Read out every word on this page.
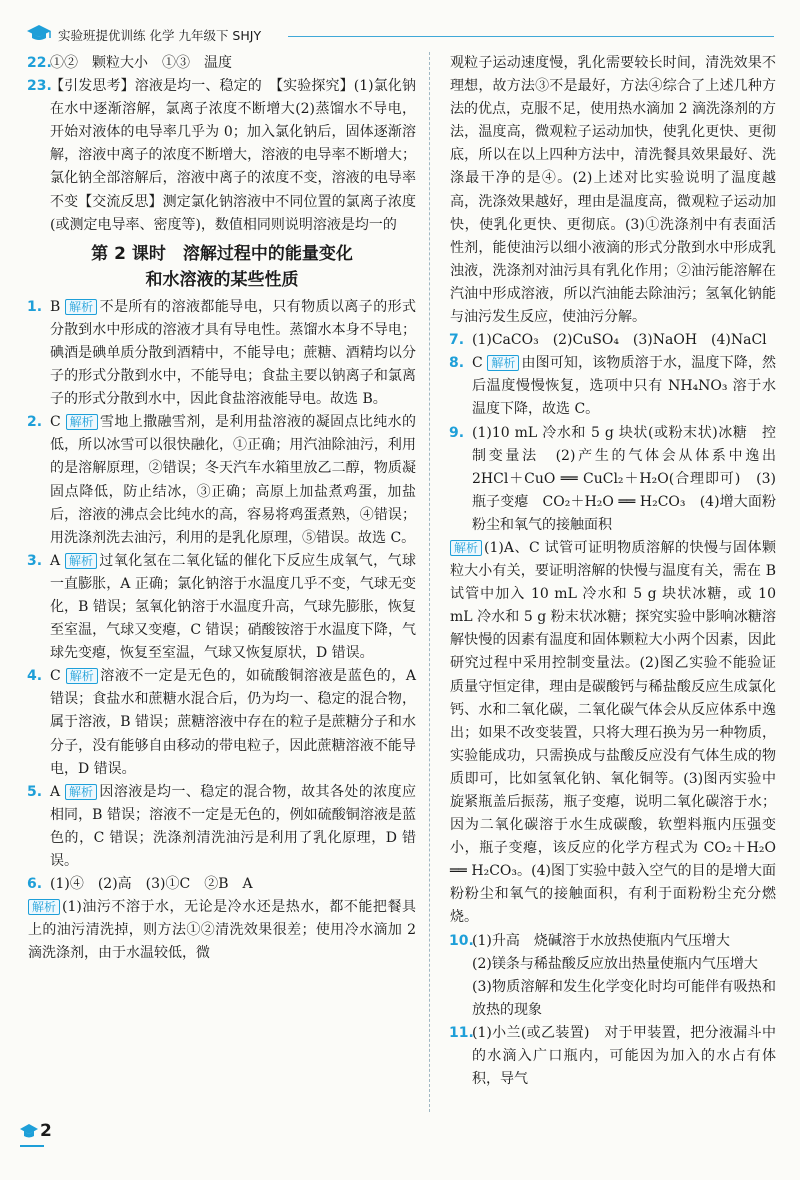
实验班提优训练 化学 九年级下 SHJY
22.
①②　颗粒大小　①③　温度
23.
【引发思考】溶液是均一、稳定的　【实验探究】(1)氯化钠在水中逐渐溶解，氯离子浓度不断增大(2)蒸馏水不导电，开始对液体的电导率几乎为 0；加入氯化钠后，固体逐渐溶解，溶液中离子的浓度不断增大，溶液的电导率不断增大；氯化钠全部溶解后，溶液中离子的浓度不变，溶液的电导率不变【交流反思】测定氯化钠溶液中不同位置的氯离子浓度(或测定电导率、密度等)，数值相同则说明溶液是均一的
第 2 课时　溶解过程中的能量变化
和水溶液的某些性质
1. B 解析 不是所有的溶液都能导电，只有物质以离子的形式分散到水中形成的溶液才具有导电性。蒸馏水本身不导电；碘酒是碘单质分散到酒精中，不能导电；蔗糖、酒精均以分子的形式分散到水中，不能导电；食盐主要以钠离子和氯离子的形式分散到水中，因此食盐溶液能导电。故选 B。
2. C 解析 雪地上撒融雪剂，是利用盐溶液的凝固点比纯水的低，所以冰雪可以很快融化，①正确；用汽油除油污，利用的是溶解原理，②错误；冬天汽车水箱里放乙二醇，物质凝固点降低，防止结冰，③正确；高原上加盐煮鸡蛋，加盐后，溶液的沸点会比纯水的高，容易将鸡蛋煮熟，④错误；用洗涤剂洗去油污，利用的是乳化原理，⑤错误。故选 C。
3. A 解析 过氧化氢在二氧化锰的催化下反应生成氧气，气球一直膨胀，A 正确；氯化钠溶于水温度几乎不变，气球无变化，B 错误；氢氧化钠溶于水温度升高，气球先膨胀，恢复至室温，气球又变瘪，C 错误；硝酸铵溶于水温度下降，气球先变瘪，恢复至室温，气球又恢复原状，D 错误。
4. C 解析 溶液不一定是无色的，如硫酸铜溶液是蓝色的，A 错误；食盐水和蔗糖水混合后，仍为均一、稳定的混合物，属于溶液，B 错误；蔗糖溶液中存在的粒子是蔗糖分子和水分子，没有能够自由移动的带电粒子，因此蔗糖溶液不能导电，D 错误。
5. A 解析 因溶液是均一、稳定的混合物，故其各处的浓度应相同，B 错误；溶液不一定是无色的，例如硫酸铜溶液是蓝色的，C 错误；洗涤剂清洗油污是利用了乳化原理，D 错误。
6. (1)④　(2)高　(3)①C　②B　A
解析 (1)油污不溶于水，无论是冷水还是热水，都不能把餐具上的油污清洗掉，则方法①②清洗效果很差；使用冷水滴加 2 滴洗涤剂，由于水温较低，微
观粒子运动速度慢，乳化需要较长时间，清洗效果不理想，故方法③不是最好，方法④综合了上述几种方法的优点，克服不足，使用热水滴加 2 滴洗涤剂的方法，温度高，微观粒子运动加快，使乳化更快、更彻底，所以在以上四种方法中，清洗餐具效果最好、洗涤最干净的是④。(2)上述对比实验说明了温度越高，洗涤效果越好，理由是温度高，微观粒子运动加快，使乳化更快、更彻底。(3)①洗涤剂中有表面活性剂，能使油污以细小液滴的形式分散到水中形成乳浊液，洗涤剂对油污具有乳化作用；②油污能溶解在汽油中形成溶液，所以汽油能去除油污；氢氧化钠能与油污发生反应，使油污分解。
7. (1)CaCO₃　(2)CuSO₄　(3)NaOH　(4)NaCl
8. C 解析 由图可知，该物质溶于水，温度下降，然后温度慢慢恢复，选项中只有 NH₄NO₃ 溶于水温度下降，故选 C。
9. (1)10 mL 冷水和 5 g 块状(或粉末状)冰糖　控制变量法　(2)产生的气体会从体系中逸出　2HCl＋CuO ══ CuCl₂＋H₂O(合理即可)　(3)瓶子变瘪　CO₂＋H₂O ══ H₂CO₃　(4)增大面粉粉尘和氧气的接触面积
解析 (1)A、C 试管可证明物质溶解的快慢与固体颗粒大小有关，要证明溶解的快慢与温度有关，需在 B 试管中加入 10 mL 冷水和 5 g 块状冰糖，或 10 mL 冷水和 5 g 粉末状冰糖；探究实验中影响冰糖溶解快慢的因素有温度和固体颗粒大小两个因素，因此研究过程中采用控制变量法。(2)图乙实验不能验证质量守恒定律，理由是碳酸钙与稀盐酸反应生成氯化钙、水和二氧化碳，二氧化碳气体会从反应体系中逸出；如果不改变装置，只将大理石换为另一种物质，实验能成功，只需换成与盐酸反应没有气体生成的物质即可，比如氢氧化钠、氧化铜等。(3)图丙实验中旋紧瓶盖后振荡，瓶子变瘪，说明二氧化碳溶于水；因为二氧化碳溶于水生成碳酸，软塑料瓶内压强变小，瓶子变瘪，该反应的化学方程式为 CO₂＋H₂O ══ H₂CO₃。(4)图丁实验中鼓入空气的目的是增大面粉粉尘和氧气的接触面积，有利于面粉粉尘充分燃烧。
10.
(1)升高　烧碱溶于水放热使瓶内气压增大
(2)镁条与稀盐酸反应放出热量使瓶内气压增大
(3)物质溶解和发生化学变化时均可能伴有吸热和放热的现象
11.
(1)小兰(或乙装置)　对于甲装置，把分液漏斗中的水滴入广口瓶内，可能因为加入的水占有体积，导气
2
